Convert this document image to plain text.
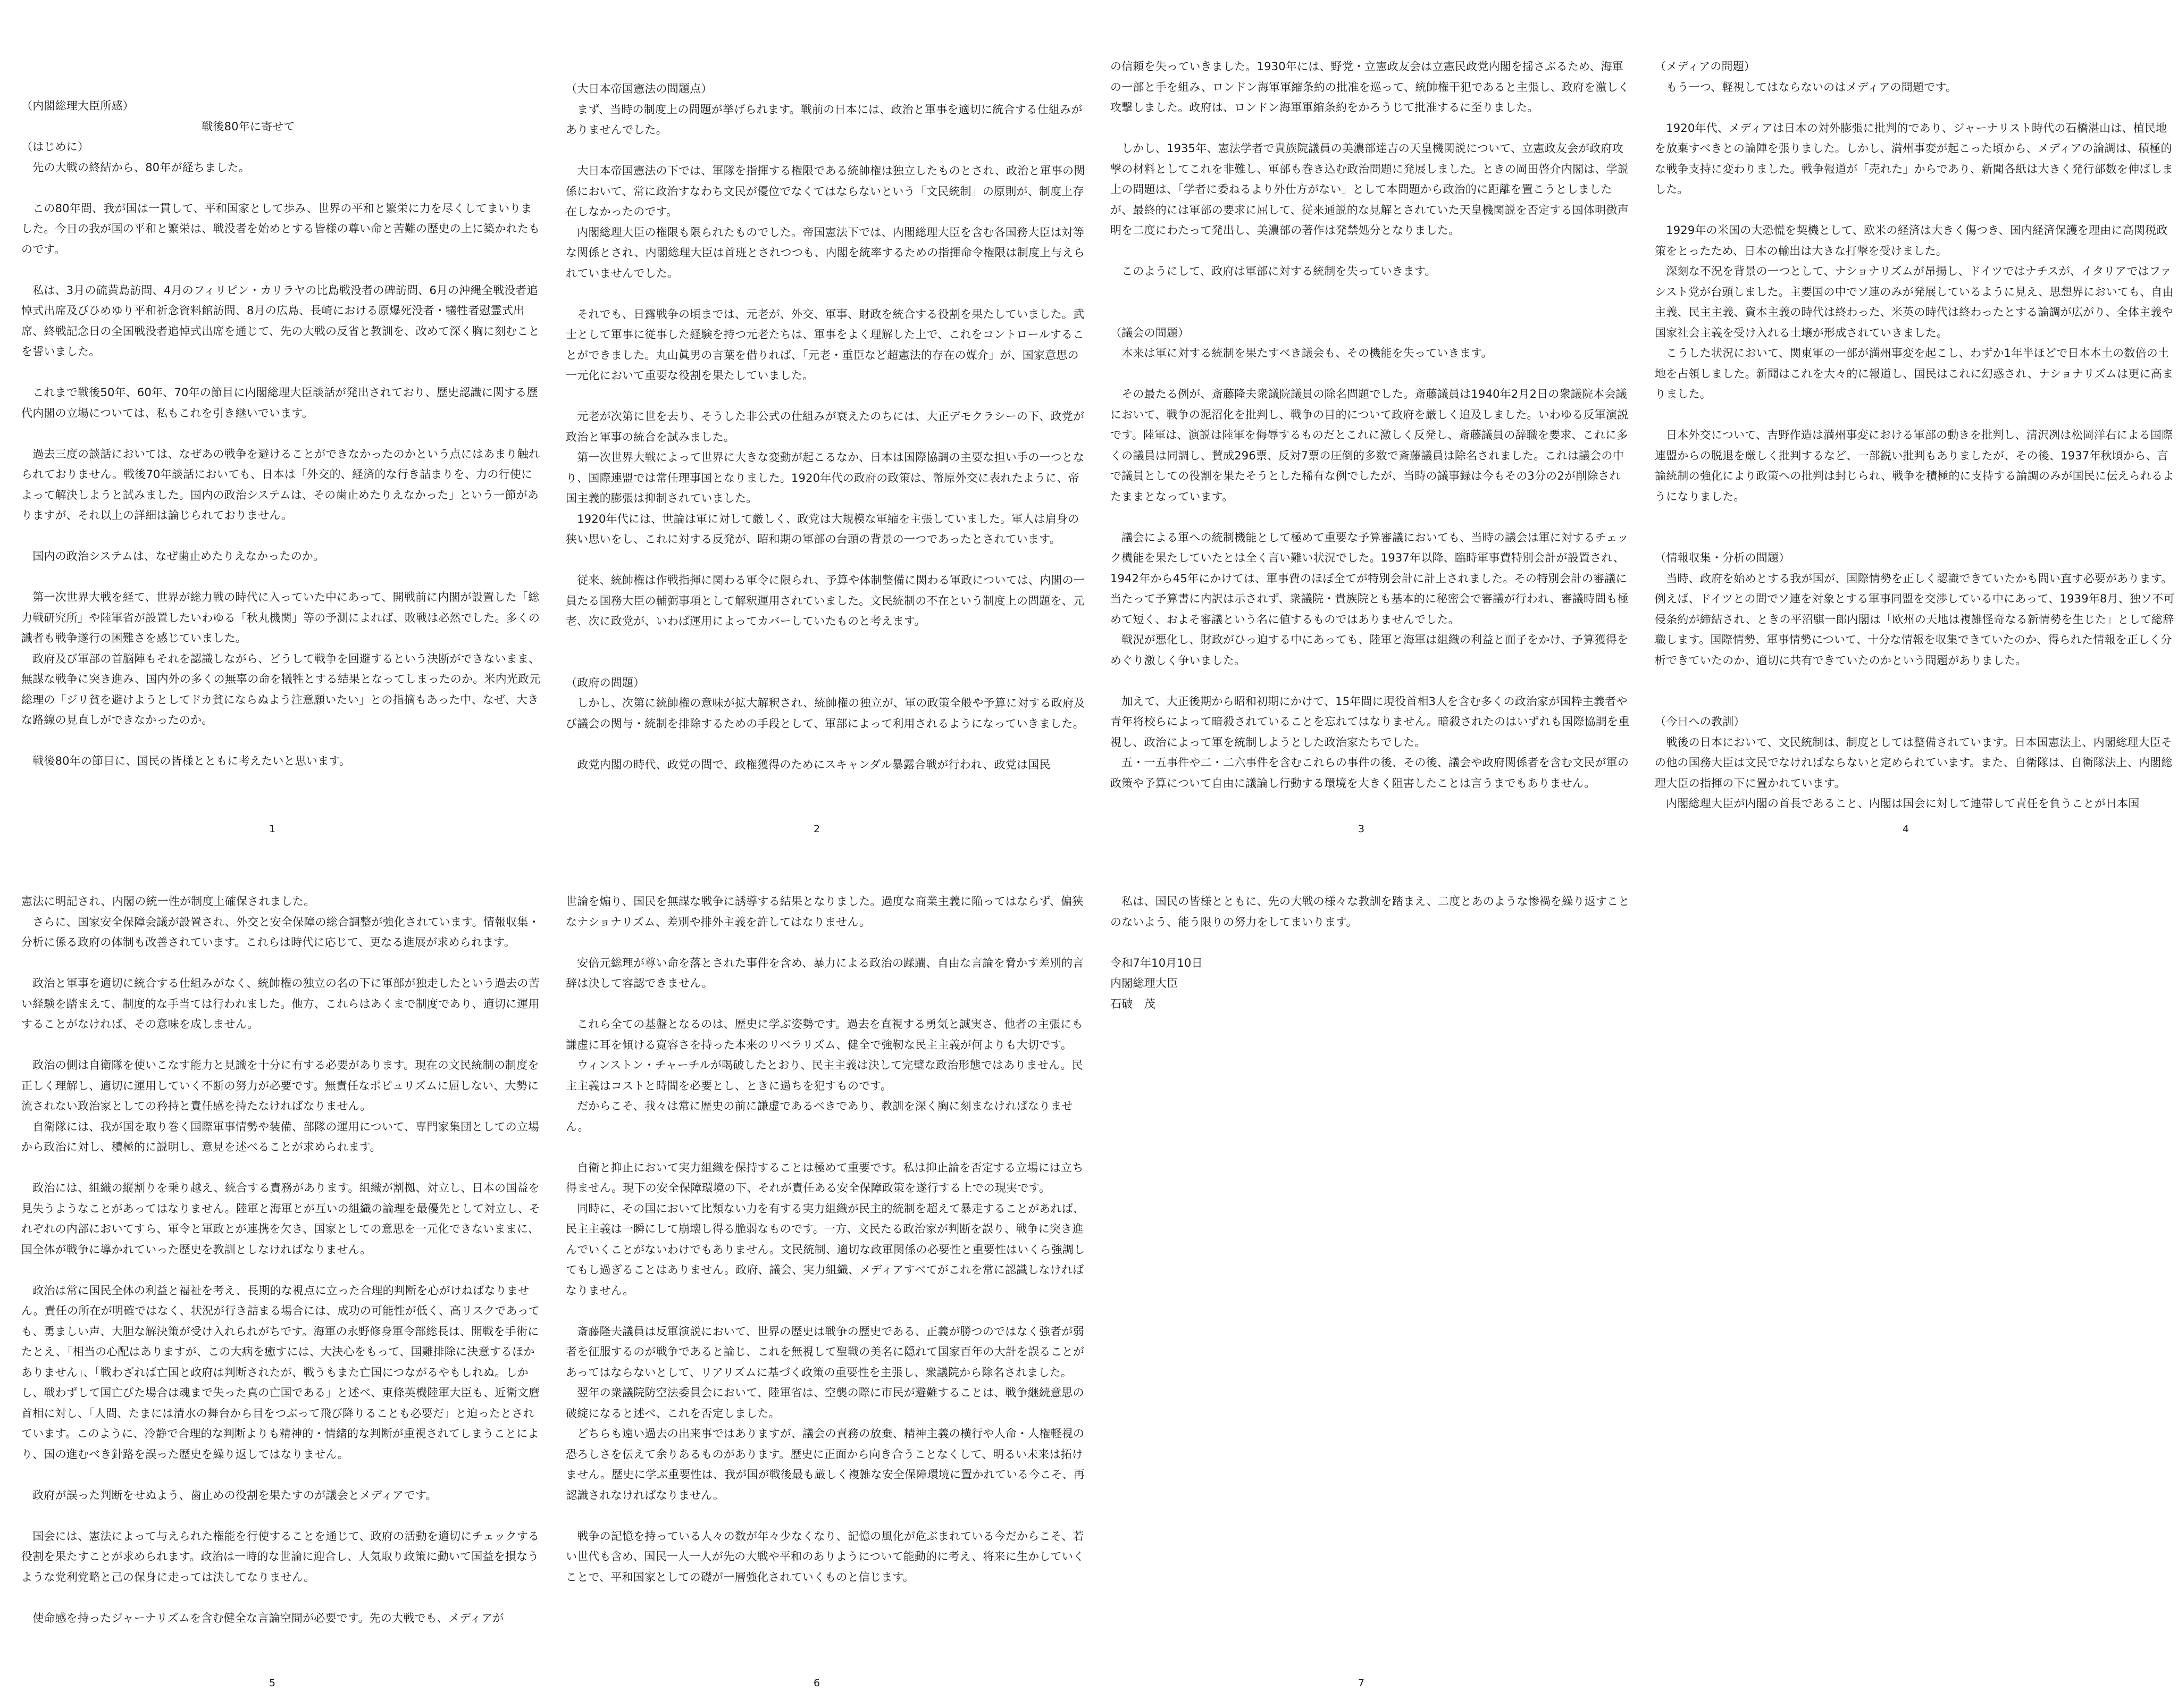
（内閣総理大臣所感）
　　　　　　　　　　　　　　　　戦後80年に寄せて
（はじめに）
　先の大戦の終結から、80年が経ちました。

　この80年間、我が国は一貫して、平和国家として歩み、世界の平和と繁栄に力を尽くしてまいりました。今日の我が国の平和と繁栄は、戦没者を始めとする皆様の尊い命と苦難の歴史の上に築かれたものです。

　私は、3月の硫黄島訪問、4月のフィリピン・カリラヤの比島戦没者の碑訪問、6月の沖縄全戦没者追悼式出席及びひめゆり平和祈念資料館訪問、8月の広島、長崎における原爆死没者・犠牲者慰霊式出席、終戦記念日の全国戦没者追悼式出席を通じて、先の大戦の反省と教訓を、改めて深く胸に刻むことを誓いました。

　これまで戦後50年、60年、70年の節目に内閣総理大臣談話が発出されており、歴史認識に関する歴代内閣の立場については、私もこれを引き継いでいます。

　過去三度の談話においては、なぜあの戦争を避けることができなかったのかという点にはあまり触れられておりません。戦後70年談話においても、日本は「外交的、経済的な行き詰まりを、力の行使によって解決しようと試みました。国内の政治システムは、その歯止めたりえなかった」という一節がありますが、それ以上の詳細は論じられておりません。

　国内の政治システムは、なぜ歯止めたりえなかったのか。

　第一次世界大戦を経て、世界が総力戦の時代に入っていた中にあって、開戦前に内閣が設置した「総力戦研究所」や陸軍省が設置したいわゆる「秋丸機関」等の予測によれば、敗戦は必然でした。多くの識者も戦争遂行の困難さを感じていました。
　政府及び軍部の首脳陣もそれを認識しながら、どうして戦争を回避するという決断ができないまま、無謀な戦争に突き進み、国内外の多くの無辜の命を犠牲とする結果となってしまったのか。米内光政元総理の「ジリ貧を避けようとしてドカ貧にならぬよう注意願いたい」との指摘もあった中、なぜ、大きな路線の見直しができなかったのか。

　戦後80年の節目に、国民の皆様とともに考えたいと思います。
1
（大日本帝国憲法の問題点）
　まず、当時の制度上の問題が挙げられます。戦前の日本には、政治と軍事を適切に統合する仕組みがありませんでした。

　大日本帝国憲法の下では、軍隊を指揮する権限である統帥権は独立したものとされ、政治と軍事の関係において、常に政治すなわち文民が優位でなくてはならないという「文民統制」の原則が、制度上存在しなかったのです。
　内閣総理大臣の権限も限られたものでした。帝国憲法下では、内閣総理大臣を含む各国務大臣は対等な関係とされ、内閣総理大臣は首班とされつつも、内閣を統率するための指揮命令権限は制度上与えられていませんでした。

　それでも、日露戦争の頃までは、元老が、外交、軍事、財政を統合する役割を果たしていました。武士として軍事に従事した経験を持つ元老たちは、軍事をよく理解した上で、これをコントロールすることができました。丸山眞男の言葉を借りれば、「元老・重臣など超憲法的存在の媒介」が、国家意思の一元化において重要な役割を果たしていました。

　元老が次第に世を去り、そうした非公式の仕組みが衰えたのちには、大正デモクラシーの下、政党が政治と軍事の統合を試みました。
　第一次世界大戦によって世界に大きな変動が起こるなか、日本は国際協調の主要な担い手の一つとなり、国際連盟では常任理事国となりました。1920年代の政府の政策は、幣原外交に表れたように、帝国主義的膨張は抑制されていました。
　1920年代には、世論は軍に対して厳しく、政党は大規模な軍縮を主張していました。軍人は肩身の狭い思いをし、これに対する反発が、昭和期の軍部の台頭の背景の一つであったとされています。

　従来、統帥権は作戦指揮に関わる軍令に限られ、予算や体制整備に関わる軍政については、内閣の一員たる国務大臣の輔弼事項として解釈運用されていました。文民統制の不在という制度上の問題を、元老、次に政党が、いわば運用によってカバーしていたものと考えます。

（政府の問題）
　しかし、次第に統帥権の意味が拡大解釈され、統帥権の独立が、軍の政策全般や予算に対する政府及び議会の関与・統制を排除するための手段として、軍部によって利用されるようになっていきました。

　政党内閣の時代、政党の間で、政権獲得のためにスキャンダル暴露合戦が行われ、政党は国民
2
の信頼を失っていきました。1930年には、野党・立憲政友会は立憲民政党内閣を揺さぶるため、海軍の一部と手を組み、ロンドン海軍軍縮条約の批准を巡って、統帥権干犯であると主張し、政府を激しく攻撃しました。政府は、ロンドン海軍軍縮条約をかろうじて批准するに至りました。

　しかし、1935年、憲法学者で貴族院議員の美濃部達吉の天皇機関説について、立憲政友会が政府攻撃の材料としてこれを非難し、軍部も巻き込む政治問題に発展しました。ときの岡田啓介内閣は、学説上の問題は、「学者に委ねるより外仕方がない」として本問題から政治的に距離を置こうとしましたが、最終的には軍部の要求に屈して、従来通説的な見解とされていた天皇機関説を否定する国体明徴声明を二度にわたって発出し、美濃部の著作は発禁処分となりました。

　このようにして、政府は軍部に対する統制を失っていきます。

（議会の問題）
　本来は軍に対する統制を果たすべき議会も、その機能を失っていきます。

　その最たる例が、斎藤隆夫衆議院議員の除名問題でした。斎藤議員は1940年2月2日の衆議院本会議において、戦争の泥沼化を批判し、戦争の目的について政府を厳しく追及しました。いわゆる反軍演説です。陸軍は、演説は陸軍を侮辱するものだとこれに激しく反発し、斎藤議員の辞職を要求、これに多くの議員は同調し、賛成296票、反対7票の圧倒的多数で斎藤議員は除名されました。これは議会の中で議員としての役割を果たそうとした稀有な例でしたが、当時の議事録は今もその3分の2が削除されたままとなっています。

　議会による軍への統制機能として極めて重要な予算審議においても、当時の議会は軍に対するチェック機能を果たしていたとは全く言い難い状況でした。1937年以降、臨時軍事費特別会計が設置され、1942年から45年にかけては、軍事費のほぼ全てが特別会計に計上されました。その特別会計の審議に当たって予算書に内訳は示されず、衆議院・貴族院とも基本的に秘密会で審議が行われ、審議時間も極めて短く、およそ審議という名に値するものではありませんでした。
　戦況が悪化し、財政がひっ迫する中にあっても、陸軍と海軍は組織の利益と面子をかけ、予算獲得をめぐり激しく争いました。

　加えて、大正後期から昭和初期にかけて、15年間に現役首相3人を含む多くの政治家が国粋主義者や青年将校らによって暗殺されていることを忘れてはなりません。暗殺されたのはいずれも国際協調を重視し、政治によって軍を統制しようとした政治家たちでした。
　五・一五事件や二・二六事件を含むこれらの事件の後、その後、議会や政府関係者を含む文民が軍の政策や予算について自由に議論し行動する環境を大きく阻害したことは言うまでもありません。
3
（メディアの問題）
　もう一つ、軽視してはならないのはメディアの問題です。

　1920年代、メディアは日本の対外膨張に批判的であり、ジャーナリスト時代の石橋湛山は、植民地を放棄すべきとの論陣を張りました。しかし、満州事変が起こった頃から、メディアの論調は、積極的な戦争支持に変わりました。戦争報道が「売れた」からであり、新聞各紙は大きく発行部数を伸ばしました。

　1929年の米国の大恐慌を契機として、欧米の経済は大きく傷つき、国内経済保護を理由に高関税政策をとったため、日本の輸出は大きな打撃を受けました。
　深刻な不況を背景の一つとして、ナショナリズムが昂揚し、ドイツではナチスが、イタリアではファシスト党が台頭しました。主要国の中でソ連のみが発展しているように見え、思想界においても、自由主義、民主主義、資本主義の時代は終わった、米英の時代は終わったとする論調が広がり、全体主義や国家社会主義を受け入れる土壌が形成されていきました。
　こうした状況において、関東軍の一部が満州事変を起こし、わずか1年半ほどで日本本土の数倍の土地を占領しました。新聞はこれを大々的に報道し、国民はこれに幻惑され、ナショナリズムは更に高まりました。

　日本外交について、吉野作造は満州事変における軍部の動きを批判し、清沢冽は松岡洋右による国際連盟からの脱退を厳しく批判するなど、一部鋭い批判もありましたが、その後、1937年秋頃から、言論統制の強化により政策への批判は封じられ、戦争を積極的に支持する論調のみが国民に伝えられるようになりました。

（情報収集・分析の問題）
　当時、政府を始めとする我が国が、国際情勢を正しく認識できていたかも問い直す必要があります。例えば、ドイツとの間でソ連を対象とする軍事同盟を交渉している中にあって、1939年8月、独ソ不可侵条約が締結され、ときの平沼騏一郎内閣は「欧州の天地は複雑怪奇なる新情勢を生じた」として総辞職します。国際情勢、軍事情勢について、十分な情報を収集できていたのか、得られた情報を正しく分析できていたのか、適切に共有できていたのかという問題がありました。

（今日への教訓）
　戦後の日本において、文民統制は、制度としては整備されています。日本国憲法上、内閣総理大臣その他の国務大臣は文民でなければならないと定められています。また、自衛隊は、自衛隊法上、内閣総理大臣の指揮の下に置かれています。
　内閣総理大臣が内閣の首長であること、内閣は国会に対して連帯して責任を負うことが日本国
4
憲法に明記され、内閣の統一性が制度上確保されました。
　さらに、国家安全保障会議が設置され、外交と安全保障の総合調整が強化されています。情報収集・分析に係る政府の体制も改善されています。これらは時代に応じて、更なる進展が求められます。

　政治と軍事を適切に統合する仕組みがなく、統帥権の独立の名の下に軍部が独走したという過去の苦い経験を踏まえて、制度的な手当ては行われました。他方、これらはあくまで制度であり、適切に運用することがなければ、その意味を成しません。

　政治の側は自衛隊を使いこなす能力と見識を十分に有する必要があります。現在の文民統制の制度を正しく理解し、適切に運用していく不断の努力が必要です。無責任なポピュリズムに屈しない、大勢に流されない政治家としての矜持と責任感を持たなければなりません。
　自衛隊には、我が国を取り巻く国際軍事情勢や装備、部隊の運用について、専門家集団としての立場から政治に対し、積極的に説明し、意見を述べることが求められます。

　政治には、組織の縦割りを乗り越え、統合する責務があります。組織が割拠、対立し、日本の国益を見失うようなことがあってはなりません。陸軍と海軍とが互いの組織の論理を最優先として対立し、それぞれの内部においてすら、軍令と軍政とが連携を欠き、国家としての意思を一元化できないままに、国全体が戦争に導かれていった歴史を教訓としなければなりません。

　政治は常に国民全体の利益と福祉を考え、長期的な視点に立った合理的判断を心がけねばなりません。責任の所在が明確ではなく、状況が行き詰まる場合には、成功の可能性が低く、高リスクであっても、勇ましい声、大胆な解決策が受け入れられがちです。海軍の永野修身軍令部総長は、開戦を手術にたとえ、「相当の心配はありますが、この大病を癒すには、大決心をもって、国難排除に決意するほかありません」、「戦わざれば亡国と政府は判断されたが、戦うもまた亡国につながるやもしれぬ。しかし、戦わずして国亡びた場合は魂まで失った真の亡国である」と述べ、東條英機陸軍大臣も、近衛文麿首相に対し、「人間、たまには清水の舞台から目をつぶって飛び降りることも必要だ」と迫ったとされています。このように、冷静で合理的な判断よりも精神的・情緒的な判断が重視されてしまうことにより、国の進むべき針路を誤った歴史を繰り返してはなりません。

　政府が誤った判断をせぬよう、歯止めの役割を果たすのが議会とメディアです。

　国会には、憲法によって与えられた権能を行使することを通じて、政府の活動を適切にチェックする役割を果たすことが求められます。政治は一時的な世論に迎合し、人気取り政策に動いて国益を損なうような党利党略と己の保身に走っては決してなりません。

　使命感を持ったジャーナリズムを含む健全な言論空間が必要です。先の大戦でも、メディアが
5
世論を煽り、国民を無謀な戦争に誘導する結果となりました。過度な商業主義に陥ってはならず、偏狭なナショナリズム、差別や排外主義を許してはなりません。

　安倍元総理が尊い命を落とされた事件を含め、暴力による政治の蹂躙、自由な言論を脅かす差別的言辞は決して容認できません。

　これら全ての基盤となるのは、歴史に学ぶ姿勢です。過去を直視する勇気と誠実さ、他者の主張にも謙虚に耳を傾ける寛容さを持った本来のリベラリズム、健全で強靭な民主主義が何よりも大切です。
　ウィンストン・チャーチルが喝破したとおり、民主主義は決して完璧な政治形態ではありません。民主主義はコストと時間を必要とし、ときに過ちを犯すものです。
　だからこそ、我々は常に歴史の前に謙虚であるべきであり、教訓を深く胸に刻まなければなりません。

　自衛と抑止において実力組織を保持することは極めて重要です。私は抑止論を否定する立場には立ち得ません。現下の安全保障環境の下、それが責任ある安全保障政策を遂行する上での現実です。
　同時に、その国において比類ない力を有する実力組織が民主的統制を超えて暴走することがあれば、民主主義は一瞬にして崩壊し得る脆弱なものです。一方、文民たる政治家が判断を誤り、戦争に突き進んでいくことがないわけでもありません。文民統制、適切な政軍関係の必要性と重要性はいくら強調してもし過ぎることはありません。政府、議会、実力組織、メディアすべてがこれを常に認識しなければなりません。

　斎藤隆夫議員は反軍演説において、世界の歴史は戦争の歴史である、正義が勝つのではなく強者が弱者を征服するのが戦争であると論じ、これを無視して聖戦の美名に隠れて国家百年の大計を誤ることがあってはならないとして、リアリズムに基づく政策の重要性を主張し、衆議院から除名されました。
　翌年の衆議院防空法委員会において、陸軍省は、空襲の際に市民が避難することは、戦争継続意思の破綻になると述べ、これを否定しました。
　どちらも遠い過去の出来事ではありますが、議会の責務の放棄、精神主義の横行や人命・人権軽視の恐ろしさを伝えて余りあるものがあります。歴史に正面から向き合うことなくして、明るい未来は拓けません。歴史に学ぶ重要性は、我が国が戦後最も厳しく複雑な安全保障環境に置かれている今こそ、再認識されなければなりません。

　戦争の記憶を持っている人々の数が年々少なくなり、記憶の風化が危ぶまれている今だからこそ、若い世代も含め、国民一人一人が先の大戦や平和のありようについて能動的に考え、将来に生かしていくことで、平和国家としての礎が一層強化されていくものと信じます。
6
　私は、国民の皆様とともに、先の大戦の様々な教訓を踏まえ、二度とあのような惨禍を繰り返すことのないよう、能う限りの努力をしてまいります。

令和7年10月10日
内閣総理大臣
石破　茂
7
